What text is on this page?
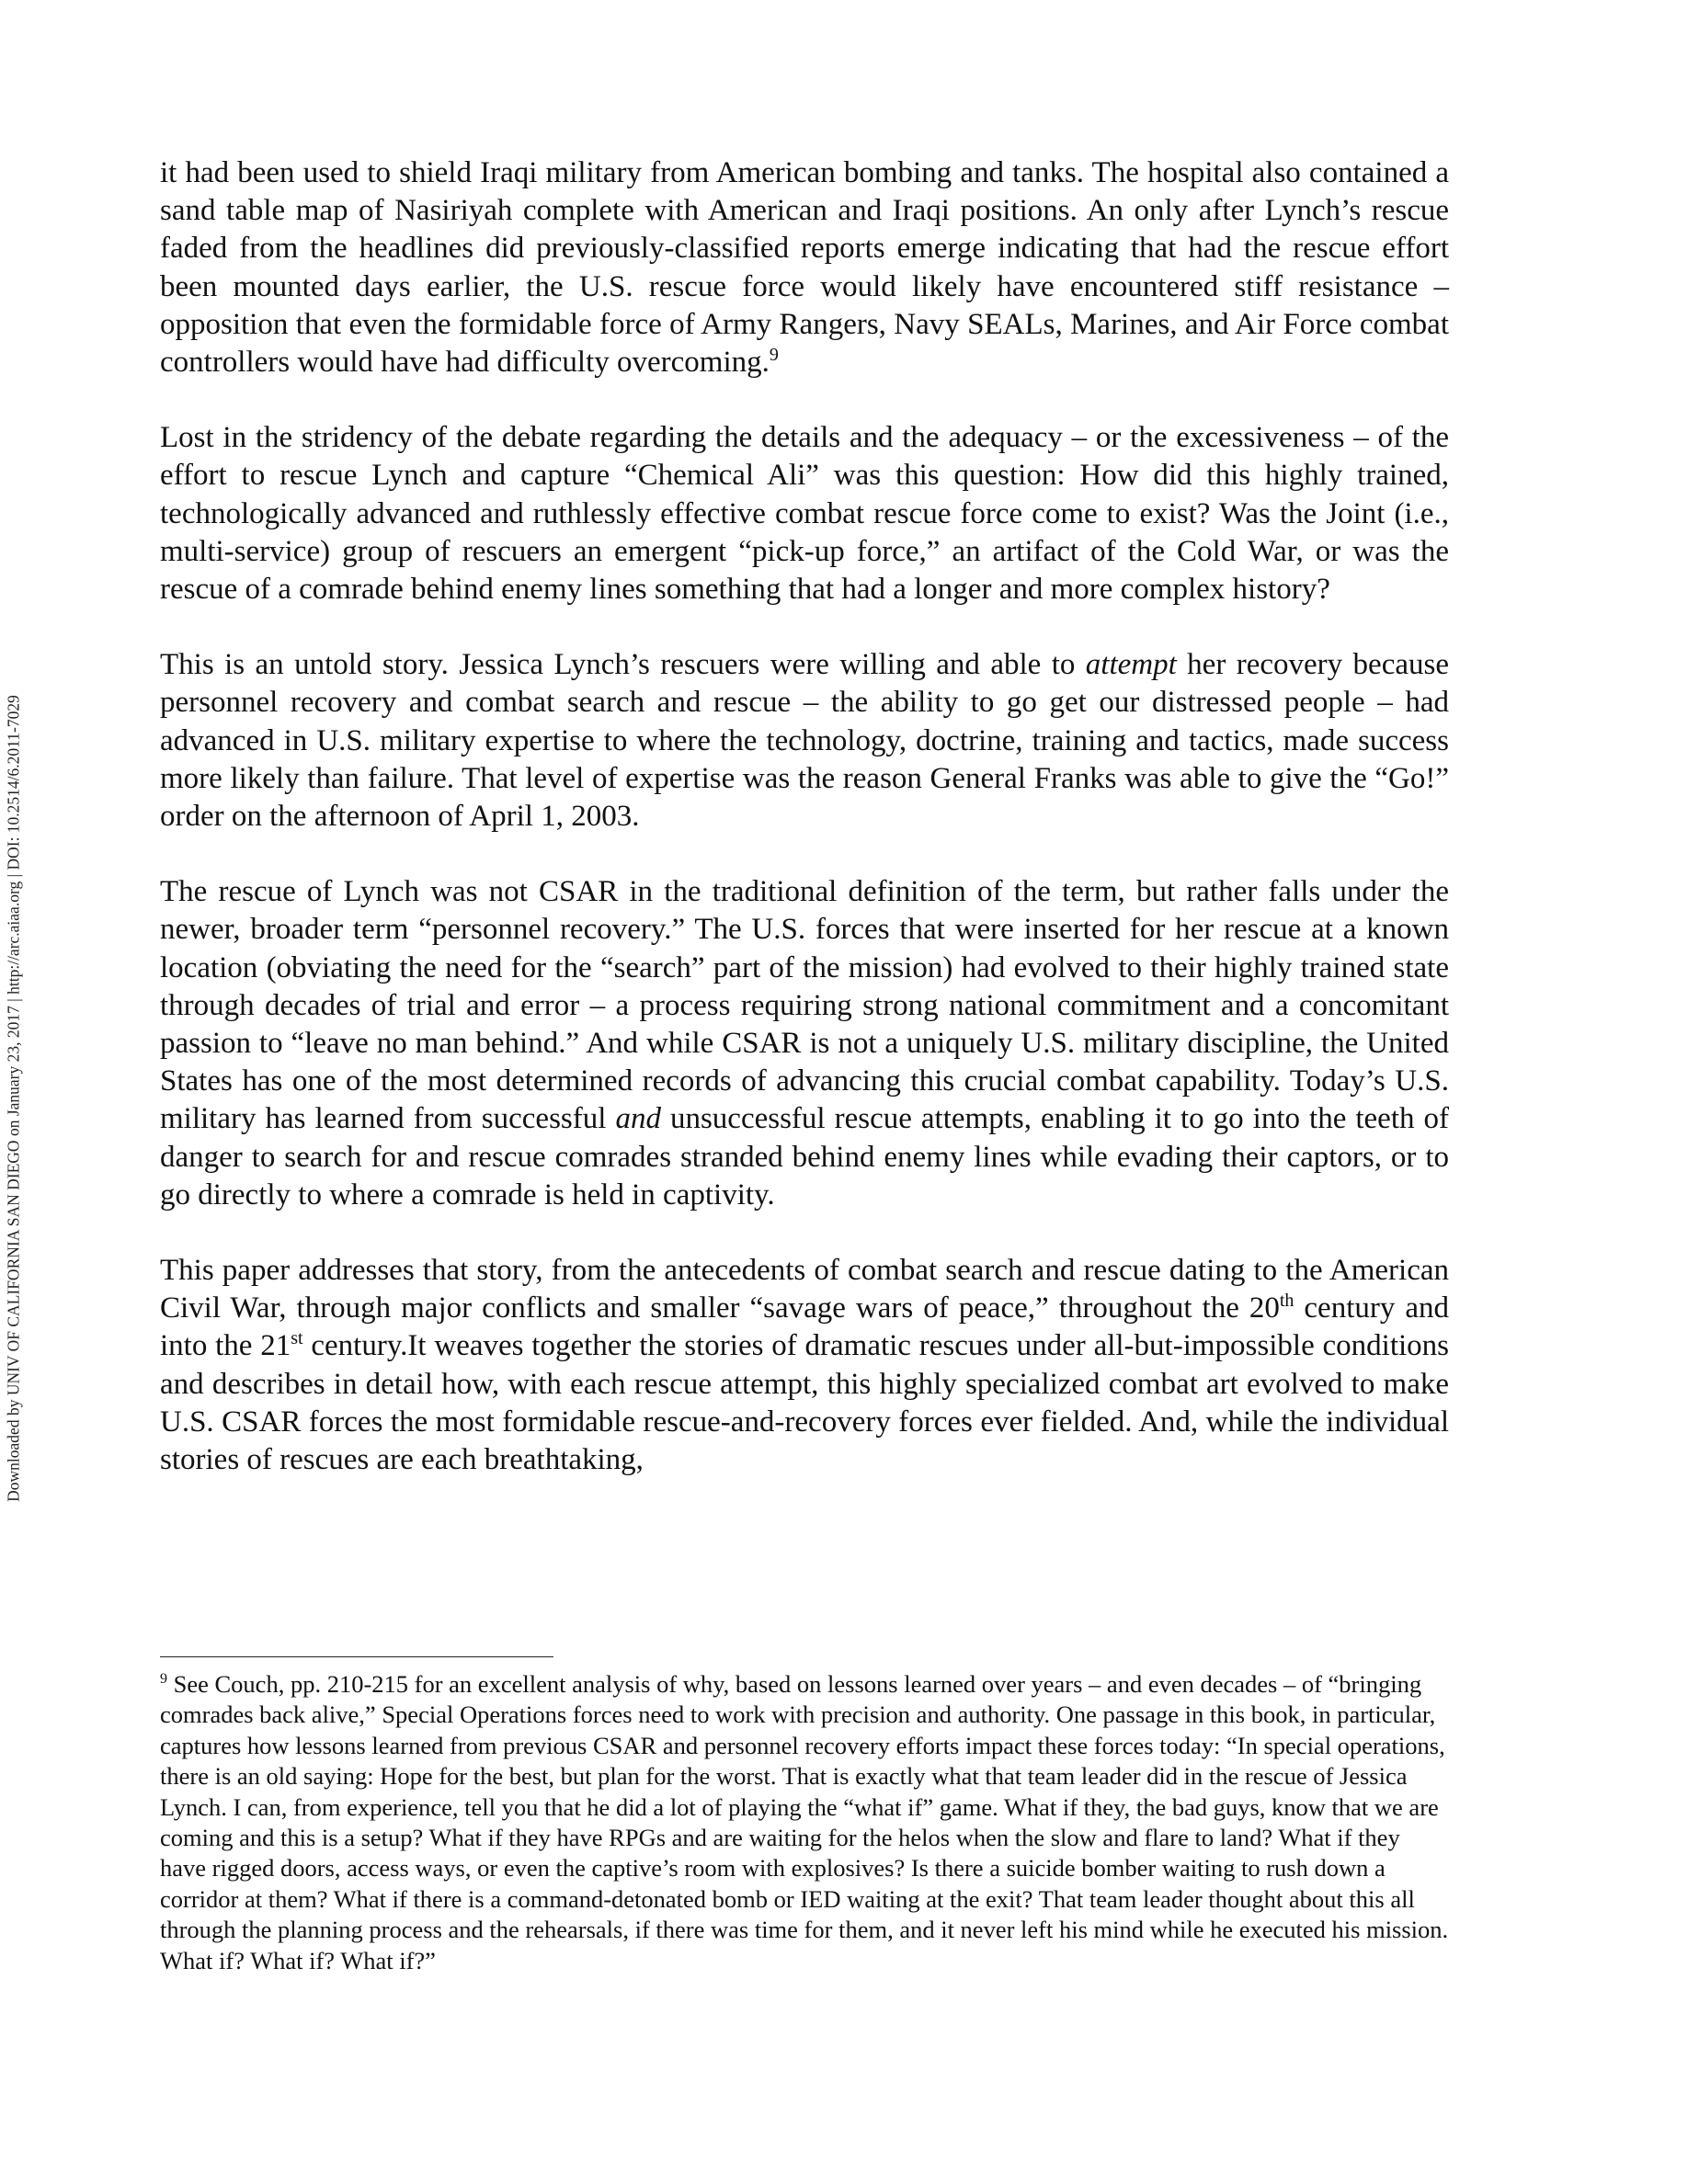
Downloaded by UNIV OF CALIFORNIA SAN DIEGO on January 23, 2017 | http://arc.aiaa.org | DOI: 10.2514/6.2011-7029

it had been used to shield Iraqi military from American bombing and tanks. The hospital also contained a sand table map of Nasiriyah complete with American and Iraqi positions. An only after Lynch’s rescue faded from the headlines did previously-classified reports emerge indicating that had the rescue effort been mounted days earlier, the U.S. rescue force would likely have encountered stiff resistance – opposition that even the formidable force of Army Rangers, Navy SEALs, Marines, and Air Force combat controllers would have had difficulty overcoming.$^9$

Lost in the stridency of the debate regarding the details and the adequacy – or the excessiveness – of the effort to rescue Lynch and capture “Chemical Ali” was this question: How did this highly trained, technologically advanced and ruthlessly effective combat rescue force come to exist? Was the Joint (i.e., multi-service) group of rescuers an emergent “pick-up force,” an artifact of the Cold War, or was the rescue of a comrade behind enemy lines something that had a longer and more complex history?

This is an untold story. Jessica Lynch’s rescuers were willing and able to attempt her recovery because personnel recovery and combat search and rescue – the ability to go get our distressed people – had advanced in U.S. military expertise to where the technology, doctrine, training and tactics, made success more likely than failure. That level of expertise was the reason General Franks was able to give the “Go!” order on the afternoon of April 1, 2003.

The rescue of Lynch was not CSAR in the traditional definition of the term, but rather falls under the newer, broader term “personnel recovery.” The U.S. forces that were inserted for her rescue at a known location (obviating the need for the “search” part of the mission) had evolved to their highly trained state through decades of trial and error – a process requiring strong national commitment and a concomitant passion to “leave no man behind.” And while CSAR is not a uniquely U.S. military discipline, the United States has one of the most determined records of advancing this crucial combat capability. Today’s U.S. military has learned from successful and unsuccessful rescue attempts, enabling it to go into the teeth of danger to search for and rescue comrades stranded behind enemy lines while evading their captors, or to go directly to where a comrade is held in captivity.

This paper addresses that story, from the antecedents of combat search and rescue dating to the American Civil War, through major conflicts and smaller “savage wars of peace,” throughout the 20th century and into the 21st century.It weaves together the stories of dramatic rescues under all-but-impossible conditions and describes in detail how, with each rescue attempt, this highly specialized combat art evolved to make U.S. CSAR forces the most formidable rescue-and-recovery forces ever fielded. And, while the individual stories of rescues are each breathtaking,

$^9$ See Couch, pp. 210-215 for an excellent analysis of why, based on lessons learned over years – and even decades – of “bringing comrades back alive,” Special Operations forces need to work with precision and authority. One passage in this book, in particular, captures how lessons learned from previous CSAR and personnel recovery efforts impact these forces today: “In special operations, there is an old saying: Hope for the best, but plan for the worst. That is exactly what that team leader did in the rescue of Jessica Lynch. I can, from experience, tell you that he did a lot of playing the “what if” game. What if they, the bad guys, know that we are coming and this is a setup? What if they have RPGs and are waiting for the helos when the slow and flare to land? What if they have rigged doors, access ways, or even the captive’s room with explosives? Is there a suicide bomber waiting to rush down a corridor at them? What if there is a command-detonated bomb or IED waiting at the exit? That team leader thought about this all through the planning process and the rehearsals, if there was time for them, and it never left his mind while he executed his mission. What if? What if? What if?”
